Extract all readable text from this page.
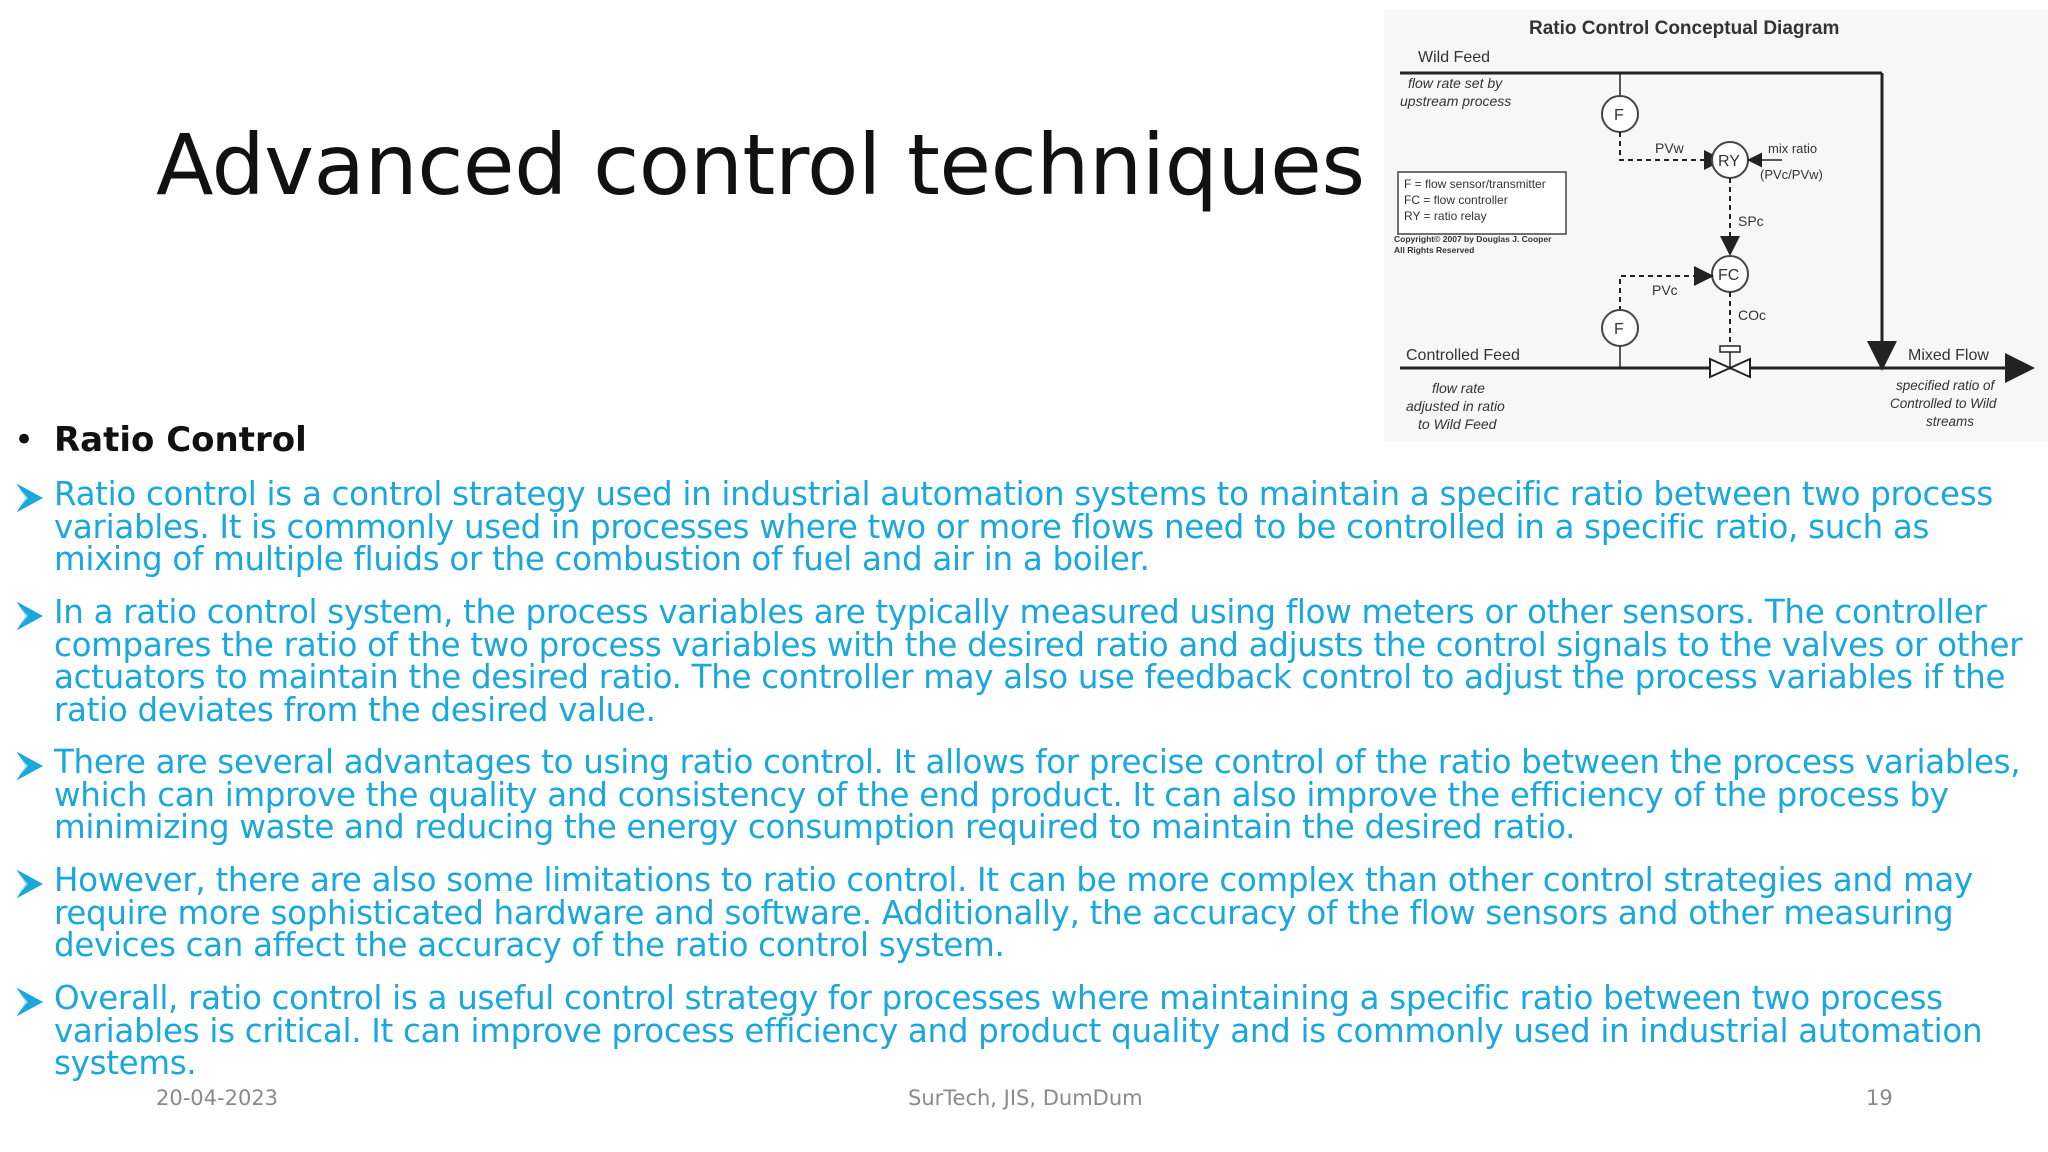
Advanced control techniques
Ratio Control Conceptual Diagram
Wild Feed
flow rate set by
upstream process
F
PVw
RY
mix ratio
(PVc/PVw)
SPc
F = flow sensor/transmitter
FC = flow controller
RY = ratio relay
Copyright© 2007 by Douglas J. Cooper
All Rights Reserved
FC
PVc
F
COc
Controlled Feed
flow rate
adjusted in ratio
to Wild Feed
Mixed Flow
specified ratio of
Controlled to Wild
streams
• Ratio Control
Ratio control is a control strategy used in industrial automation systems to maintain a specific ratio between two process variables. It is commonly used in processes where two or more flows need to be controlled in a specific ratio, such as mixing of multiple fluids or the combustion of fuel and air in a boiler.
In a ratio control system, the process variables are typically measured using flow meters or other sensors. The controller compares the ratio of the two process variables with the desired ratio and adjusts the control signals to the valves or other actuators to maintain the desired ratio. The controller may also use feedback control to adjust the process variables if the ratio deviates from the desired value.
There are several advantages to using ratio control. It allows for precise control of the ratio between the process variables, which can improve the quality and consistency of the end product. It can also improve the efficiency of the process by minimizing waste and reducing the energy consumption required to maintain the desired ratio.
However, there are also some limitations to ratio control. It can be more complex than other control strategies and may require more sophisticated hardware and software. Additionally, the accuracy of the flow sensors and other measuring devices can affect the accuracy of the ratio control system.
Overall, ratio control is a useful control strategy for processes where maintaining a specific ratio between two process variables is critical. It can improve process efficiency and product quality and is commonly used in industrial automation systems.
20-04-2023	SurTech, JIS, DumDum	19
